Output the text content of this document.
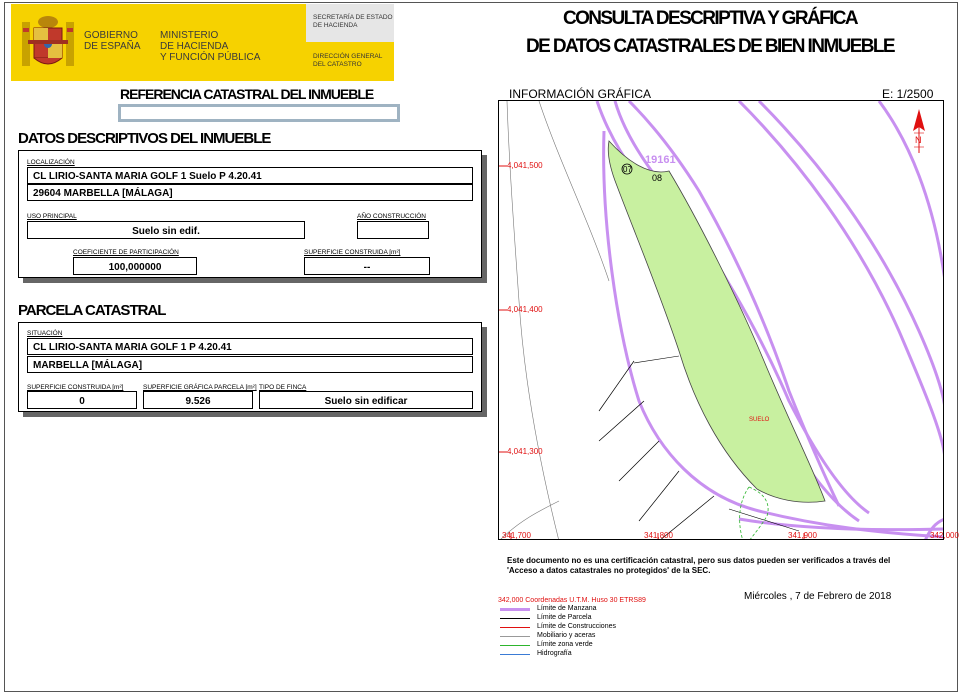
GOBIERNO
DE ESPAÑA
MINISTERIO
DE HACIENDA
Y FUNCIÓN PÚBLICA
SECRETARÍA DE ESTADO
DE HACIENDA
DIRECCIÓN GENERAL
DEL CATASTRO
CONSULTA DESCRIPTIVA Y GRÁFICA
DE DATOS CATASTRALES DE BIEN INMUEBLE
REFERENCIA CATASTRAL DEL INMUEBLE
DATOS DESCRIPTIVOS DEL INMUEBLE
LOCALIZACIÓN
CL LIRIO-SANTA MARIA GOLF 1 Suelo P 4.20.41
29604 MARBELLA [MÁLAGA]
USO PRINCIPAL
Suelo sin edif.
AÑO CONSTRUCCIÓN
COEFICIENTE DE PARTICIPACIÓN
100,000000
SUPERFICIE CONSTRUIDA [m²]
--
PARCELA CATASTRAL
SITUACIÓN
CL LIRIO-SANTA MARIA GOLF 1 P 4.20.41
MARBELLA [MÁLAGA]
SUPERFICIE CONSTRUIDA [m²]
0
SUPERFICIE GRÁFICA PARCELA [m²]
9.526
TIPO DE FINCA
Suelo sin edificar
INFORMACIÓN GRÁFICA	E: 1/2500
N
19161
08
07
SUELO
4,041,500
4,041,400
4,041,300
341,700	341,800	341,900	342,000
Este documento no es una certificación catastral, pero sus datos pueden ser verificados a través del
'Acceso a datos catastrales no protegidos' de la SEC.
Miércoles , 7 de Febrero de 2018
342,000 Coordenadas U.T.M. Huso 30 ETRS89
Límite de Manzana
Límite de Parcela
Límite de Construcciones
Mobiliario y aceras
Límite zona verde
Hidrografía
